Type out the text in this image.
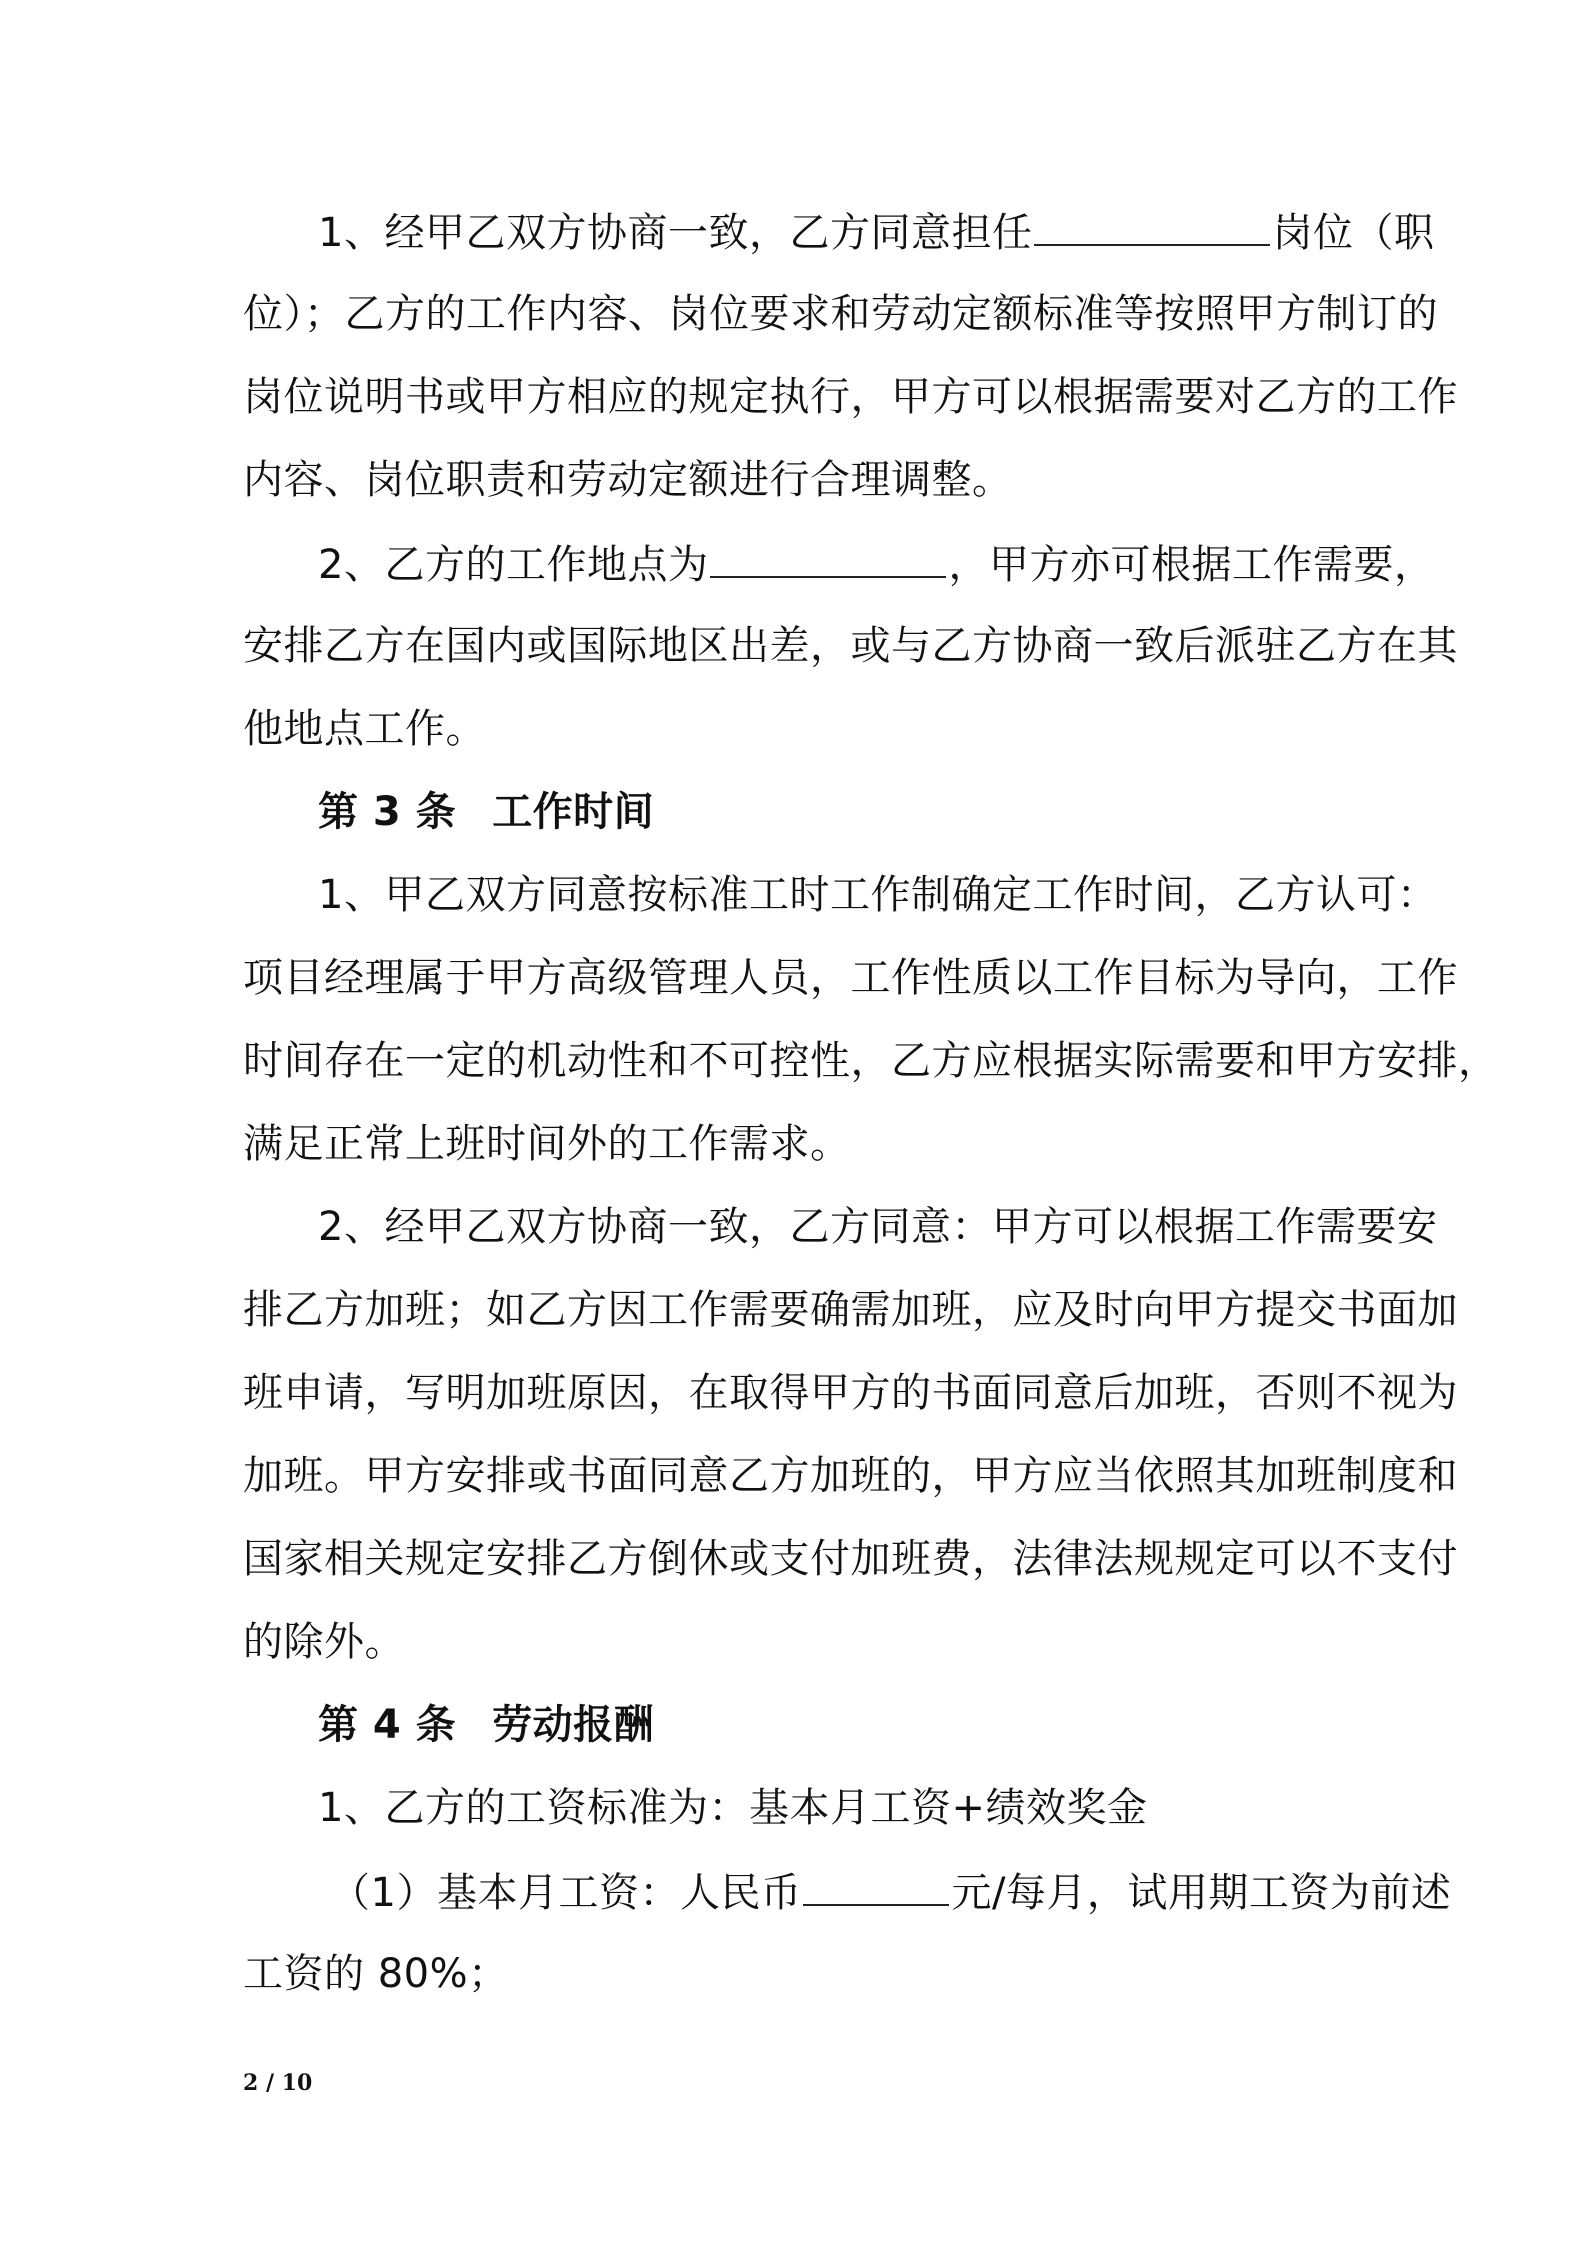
1、经甲乙双方协商一致，乙方同意担任	岗位（职
位）；乙方的工作内容、岗位要求和劳动定额标准等按照甲方制订的
岗位说明书或甲方相应的规定执行，甲方可以根据需要对乙方的工作
内容、岗位职责和劳动定额进行合理调整。
2、乙方的工作地点为	，甲方亦可根据工作需要，
安排乙方在国内或国际地区出差，或与乙方协商一致后派驻乙方在其
他地点工作。
第 3 条 工作时间
1、甲乙双方同意按标准工时工作制确定工作时间，乙方认可：
项目经理属于甲方高级管理人员，工作性质以工作目标为导向，工作
时间存在一定的机动性和不可控性，乙方应根据实际需要和甲方安排，
满足正常上班时间外的工作需求。
2、经甲乙双方协商一致，乙方同意：甲方可以根据工作需要安
排乙方加班；如乙方因工作需要确需加班，应及时向甲方提交书面加
班申请，写明加班原因，在取得甲方的书面同意后加班，否则不视为
加班。甲方安排或书面同意乙方加班的，甲方应当依照其加班制度和
国家相关规定安排乙方倒休或支付加班费，法律法规规定可以不支付
的除外。
第 4 条 劳动报酬
1、乙方的工资标准为：基本月工资+绩效奖金
（1）基本月工资：人民币	元/每月，试用期工资为前述
工资的 80%；
2 / 10
